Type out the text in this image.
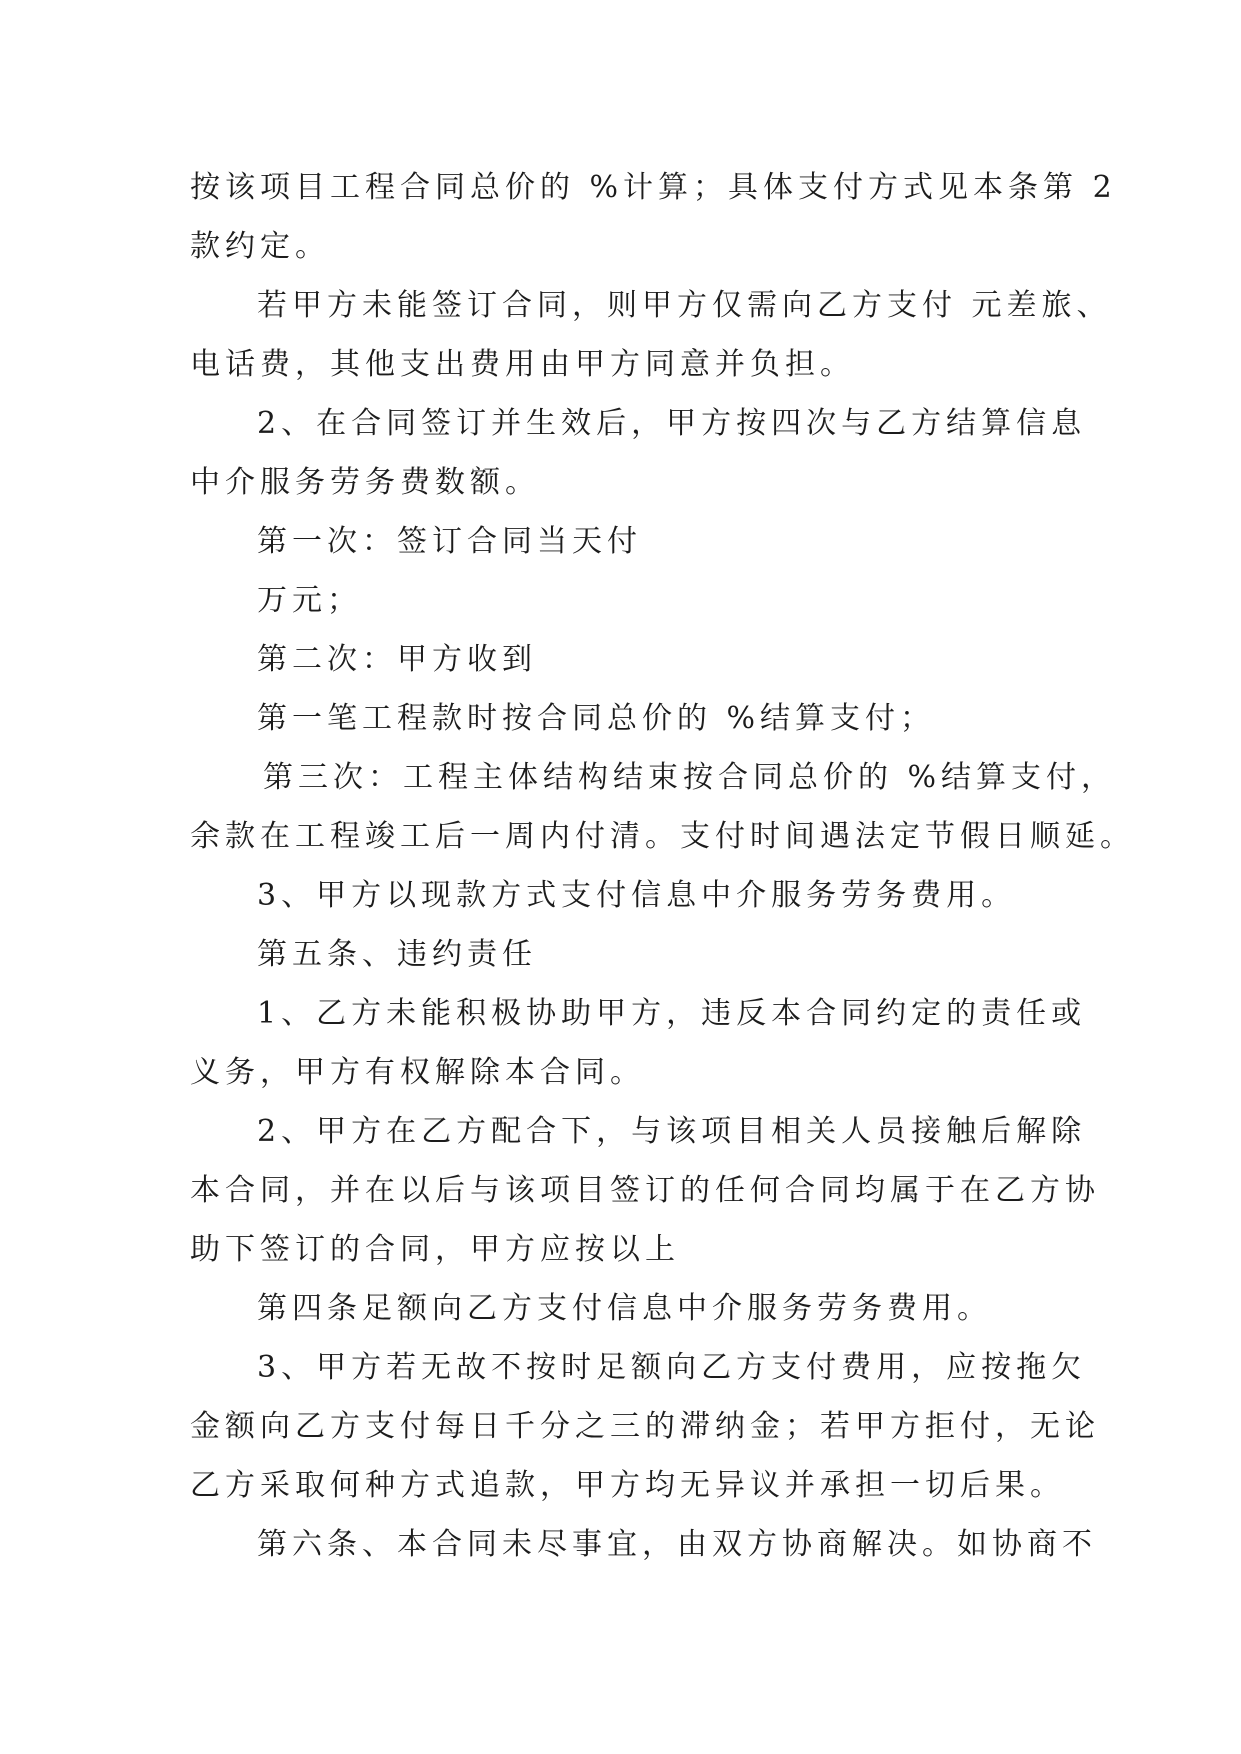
按该项目工程合同总价的 %计算；具体支付方式见本条第 2
款约定。

若甲方未能签订合同，则甲方仅需向乙方支付 元差旅、
电话费，其他支出费用由甲方同意并负担。

2、在合同签订并生效后，甲方按四次与乙方结算信息
中介服务劳务费数额。

第一次：签订合同当天付

万元；

第二次：甲方收到

第一笔工程款时按合同总价的 %结算支付；

第三次：工程主体结构结束按合同总价的 %结算支付，
余款在工程竣工后一周内付清。支付时间遇法定节假日顺延。

3、甲方以现款方式支付信息中介服务劳务费用。

第五条、违约责任

1、乙方未能积极协助甲方，违反本合同约定的责任或
义务，甲方有权解除本合同。

2、甲方在乙方配合下，与该项目相关人员接触后解除
本合同，并在以后与该项目签订的任何合同均属于在乙方协
助下签订的合同，甲方应按以上

第四条足额向乙方支付信息中介服务劳务费用。

3、甲方若无故不按时足额向乙方支付费用，应按拖欠
金额向乙方支付每日千分之三的滞纳金；若甲方拒付，无论
乙方采取何种方式追款，甲方均无异议并承担一切后果。

第六条、本合同未尽事宜，由双方协商解决。如协商不
